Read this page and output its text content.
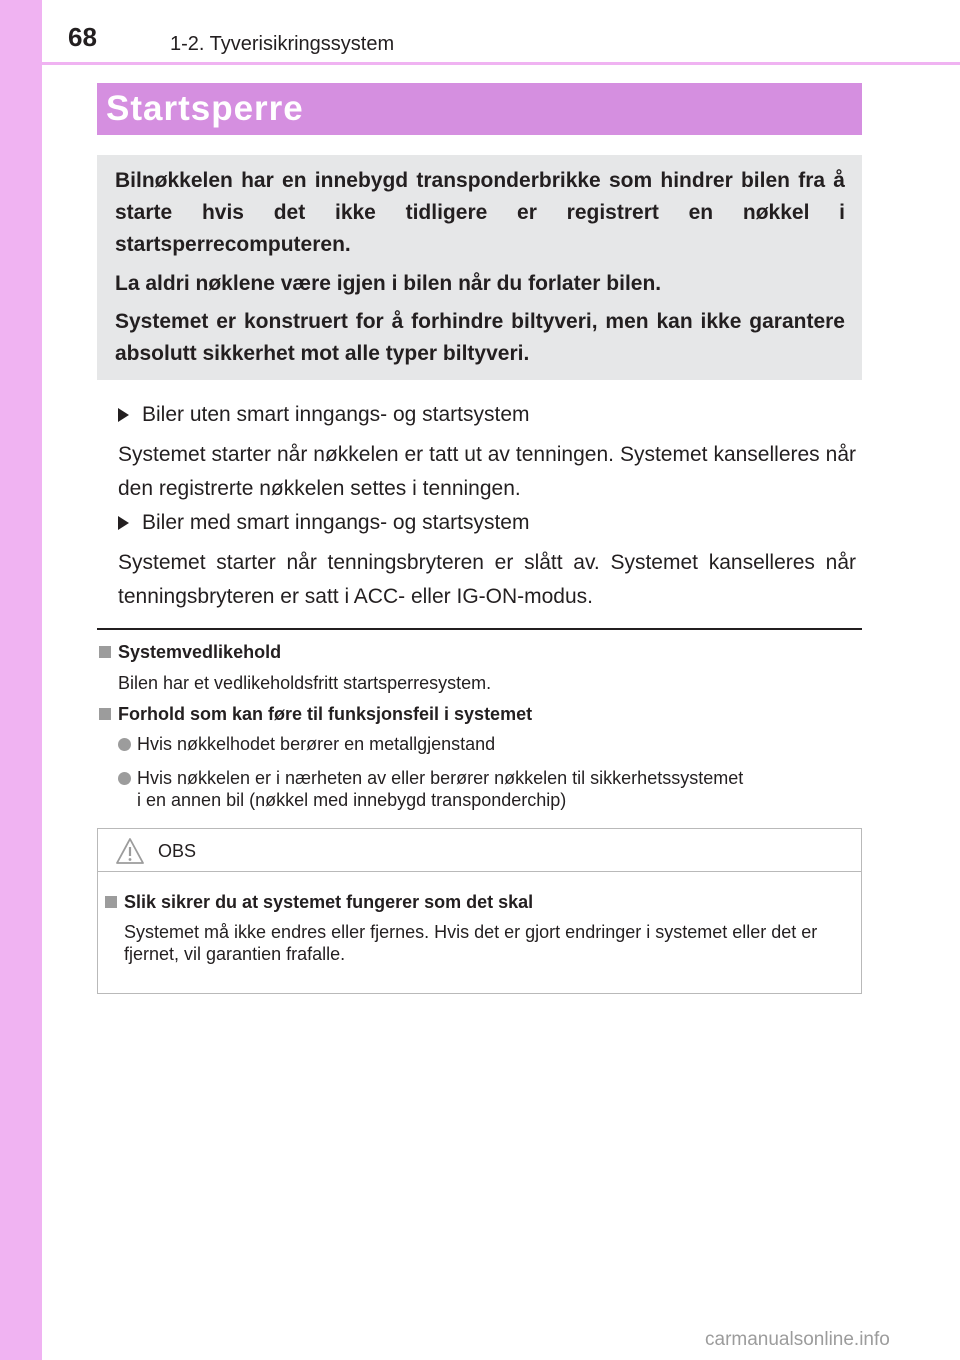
68	1-2. Tyverisikringssystem
Startsperre

Bilnøkkelen har en innebygd transponderbrikke som hindrer bilen fra å starte hvis det ikke tidligere er registrert en nøkkel i startsperrecomputeren.

La aldri nøklene være igjen i bilen når du forlater bilen.

Systemet er konstruert for å forhindre biltyveri, men kan ikke garantere absolutt sikkerhet mot alle typer biltyveri.

Biler uten smart inngangs- og startsystem

Systemet starter når nøkkelen er tatt ut av tenningen. Systemet kanselleres når den registrerte nøkkelen settes i tenningen.

Biler med smart inngangs- og startsystem

Systemet starter når tenningsbryteren er slått av. Systemet kanselleres når tenningsbryteren er satt i ACC- eller IG-ON-modus.

Systemvedlikehold

Bilen har et vedlikeholdsfritt startsperresystem.

Forhold som kan føre til funksjonsfeil i systemet
Hvis nøkkelhodet berører en metallgjenstand
Hvis nøkkelen er i nærheten av eller berører nøkkelen til sikkerhetssystemet
i en annen bil (nøkkel med innebygd transponderchip)
OBS
Slik sikrer du at systemet fungerer som det skal

Systemet må ikke endres eller fjernes. Hvis det er gjort endringer i systemet eller det er fjernet, vil garantien frafalle.

carmanualsonline.info
